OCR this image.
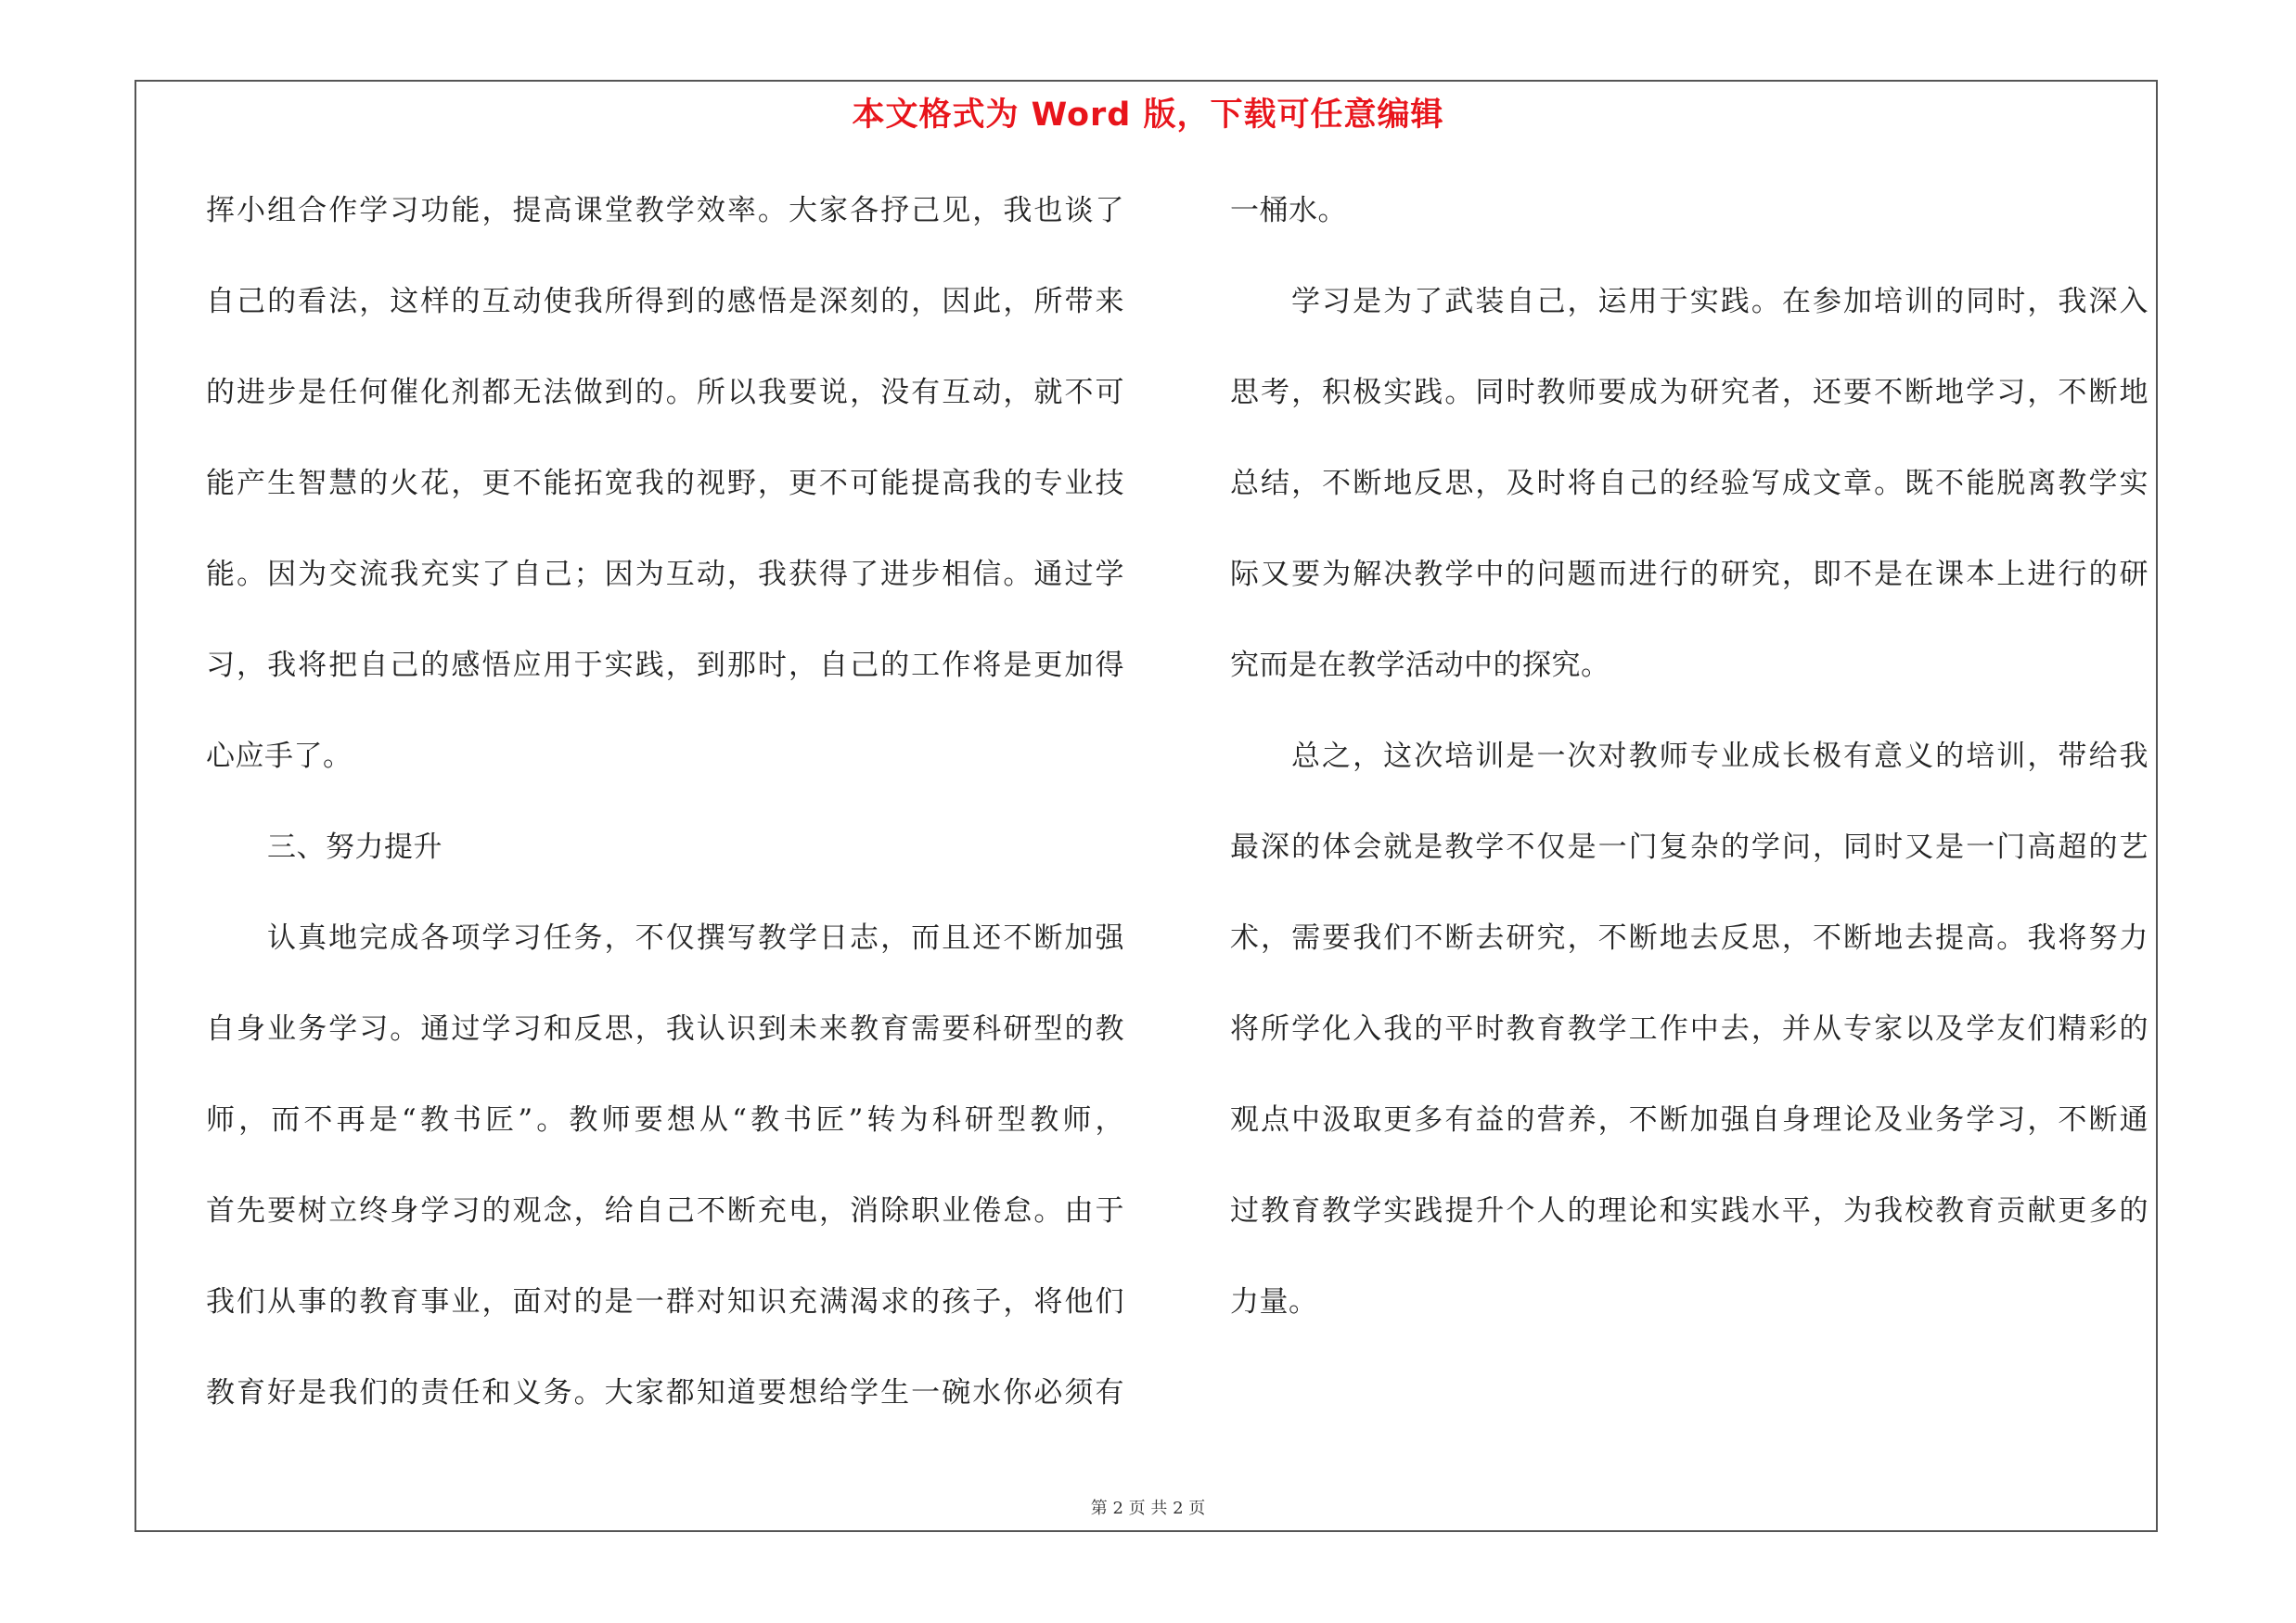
本文格式为 Word 版，下载可任意编辑
挥小组合作学习功能，提高课堂教学效率。大家各抒己见，我也谈了
自己的看法，这样的互动使我所得到的感悟是深刻的，因此，所带来
的进步是任何催化剂都无法做到的。所以我要说，没有互动，就不可
能产生智慧的火花，更不能拓宽我的视野，更不可能提高我的专业技
能。因为交流我充实了自己；因为互动，我获得了进步相信。通过学
习，我将把自己的感悟应用于实践，到那时，自己的工作将是更加得
心应手了。
三、努力提升
认真地完成各项学习任务，不仅撰写教学日志，而且还不断加强
自身业务学习。通过学习和反思，我认识到未来教育需要科研型的教
师，而不再是“教书匠”。教师要想从“教书匠”转为科研型教师，
首先要树立终身学习的观念，给自己不断充电，消除职业倦怠。由于
我们从事的教育事业，面对的是一群对知识充满渴求的孩子，将他们
教育好是我们的责任和义务。大家都知道要想给学生一碗水你必须有
一桶水。
学习是为了武装自己，运用于实践。在参加培训的同时，我深入
思考，积极实践。同时教师要成为研究者，还要不断地学习，不断地
总结，不断地反思，及时将自己的经验写成文章。既不能脱离教学实
际又要为解决教学中的问题而进行的研究，即不是在课本上进行的研
究而是在教学活动中的探究。
总之，这次培训是一次对教师专业成长极有意义的培训，带给我
最深的体会就是教学不仅是一门复杂的学问，同时又是一门高超的艺
术，需要我们不断去研究，不断地去反思，不断地去提高。我将努力
将所学化入我的平时教育教学工作中去，并从专家以及学友们精彩的
观点中汲取更多有益的营养，不断加强自身理论及业务学习，不断通
过教育教学实践提升个人的理论和实践水平，为我校教育贡献更多的
力量。
第 2 页 共 2 页
